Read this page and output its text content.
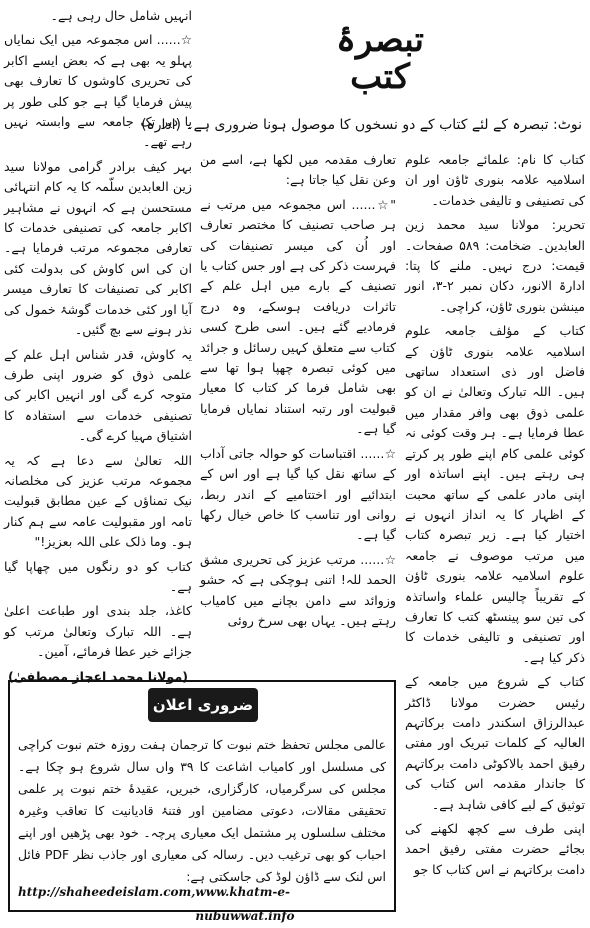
تبصرۂ کتب
نوٹ: تبصرہ کے لئے کتاب کے دو نسخوں کا موصول ہونا ضروری ہے۔ (ادارہ)

کتاب کا نام: علمائے جامعہ علوم اسلامیہ علامہ بنوری ٹاؤن اور ان کی تصنیفی و تالیفی خدمات۔

تحریر: مولانا سید محمد زین العابدین۔ ضخامت: ۵۸۹ صفحات۔ قیمت: درج نہیں۔ ملنے کا پتا: ادارۃ الانور، دکان نمبر ۲-۳، انور مینشن بنوری ٹاؤن، کراچی۔

کتاب کے مؤلف جامعہ علوم اسلامیہ علامہ بنوری ٹاؤن کے فاضل اور ذی استعداد ساتھی ہیں۔ اللہ تبارک وتعالیٰ نے ان کو علمی ذوق بھی وافر مقدار میں عطا فرمایا ہے۔ ہر وقت کوئی نہ کوئی علمی کام اپنے طور پر کرتے ہی رہتے ہیں۔ اپنے اساتذہ اور اپنی مادر علمی کے ساتھ محبت کے اظہار کا یہ انداز انہوں نے اختیار کیا ہے۔ زیر تبصرہ کتاب میں مرتب موصوف نے جامعہ علوم اسلامیہ علامہ بنوری ٹاؤن کے تقریباً چالیس علماء واساتذہ کی تین سو پینسٹھ کتب کا تعارف اور تصنیفی و تالیفی خدمات کا ذکر کیا ہے۔

کتاب کے شروع میں جامعہ کے رئیس حضرت مولانا ڈاکٹر عبدالرزاق اسکندر دامت برکاتہم العالیہ کے کلمات تبریک اور مفتی رفیق احمد بالاکوٹی دامت برکاتہم کا جاندار مقدمہ اس کتاب کی توثیق کے لیے کافی شاہد ہے۔

اپنی طرف سے کچھ لکھنے کی بجائے حضرت مفتی رفیق احمد دامت برکاتہم نے اس کتاب کا جو

تعارف مقدمہ میں لکھا ہے، اسے من وعن نقل کیا جاتا ہے:

"☆...... اس مجموعہ میں مرتب نے ہر صاحب تصنیف کا مختصر تعارف اور اُن کی میسر تصنیفات کی فہرست ذکر کی ہے اور جس کتاب یا تصنیف کے بارے میں اہل علم کے تاثرات دریافت ہوسکے، وہ درج فرمادیے گئے ہیں۔ اسی طرح کسی کتاب سے متعلق کہیں رسائل و جرائد میں کوئی تبصرہ چھپا ہوا تھا سے بھی شامل فرما کر کتاب کا معیار قبولیت اور رتبہ استناد نمایاں فرمایا گیا ہے۔

☆...... اقتباسات کو حوالہ جاتی آداب کے ساتھ نقل کیا گیا ہے اور اس کے ابتدائیے اور اختتامیے کے اندر ربط، روانی اور تناسب کا خاص خیال رکھا گیا ہے۔

☆...... مرتب عزیز کی تحریری مشق الحمد للہ! اتنی ہوچکی ہے کہ حشو وزوائد سے دامن بچانے میں کامیاب رہتے ہیں۔ یہاں بھی سرخ روئی

انہیں شامل حال رہی ہے۔

☆...... اس مجموعہ میں ایک نمایاں پہلو یہ بھی ہے کہ بعض ایسے اکابر کی تحریری کاوشوں کا تعارف بھی پیش فرمایا گیا ہے جو کلی طور پر یا دیر تک جامعہ سے وابستہ نہیں رہے تھے۔

بہر کیف برادر گرامی مولانا سید زین العابدین سلّمہ کا یہ کام انتہائی مستحسن ہے کہ انہوں نے مشاہیر اکابر جامعہ کی تصنیفی خدمات کا تعارفی مجموعہ مرتب فرمایا ہے۔ ان کی اس کاوش کی بدولت کئی اکابر کی تصنیفات کا تعارف میسر آیا اور کئی خدمات گوشۂ خمول کی نذر ہونے سے بچ گئیں۔

یہ کاوش، قدر شناس اہل علم کے علمی ذوق کو ضرور اپنی طرف متوجہ کرے گی اور انہیں اکابر کی تصنیفی خدمات سے استفادہ کا اشتیاق مہیا کرے گی۔

اللہ تعالیٰ سے دعا ہے کہ یہ مجموعہ مرتب عزیز کی مخلصانہ نیک تمناؤں کے عین مطابق قبولیت تامہ اور مقبولیت عامہ سے ہم کنار ہو۔ وما ذلک علی اللہ بعزیز!"

کتاب کو دو رنگوں میں چھاپا گیا ہے۔

کاغذ، جلد بندی اور طباعت اعلیٰ ہے۔ اللہ تبارک وتعالیٰ مرتب کو جزائے خیر عطا فرمائے، آمین۔

(مولانا محمد اعجاز مصطفیٰ)

ضروری اعلان
عالمی مجلس تحفظ ختم نبوت کا ترجمان ہفت روزہ ختم نبوت کراچی کی مسلسل اور کامیاب اشاعت کا ۳۹ واں سال شروع ہو چکا ہے۔ مجلس کی سرگرمیاں، کارگزاری، خبریں، عقیدۂ ختم نبوت پر علمی تحقیقی مقالات، دعوتی مضامین اور فتنۂ قادیانیت کا تعاقب وغیرہ مختلف سلسلوں پر مشتمل ایک معیاری پرچہ۔ خود بھی پڑھیں اور اپنے احباب کو بھی ترغیب دیں۔ رسالہ کی معیاری اور جاذب نظر PDF فائل اس لنک سے ڈاؤن لوڈ کی جاسکتی ہے:
http://shaheedeislam.com, www.khatm-e-nubuwwat.info
